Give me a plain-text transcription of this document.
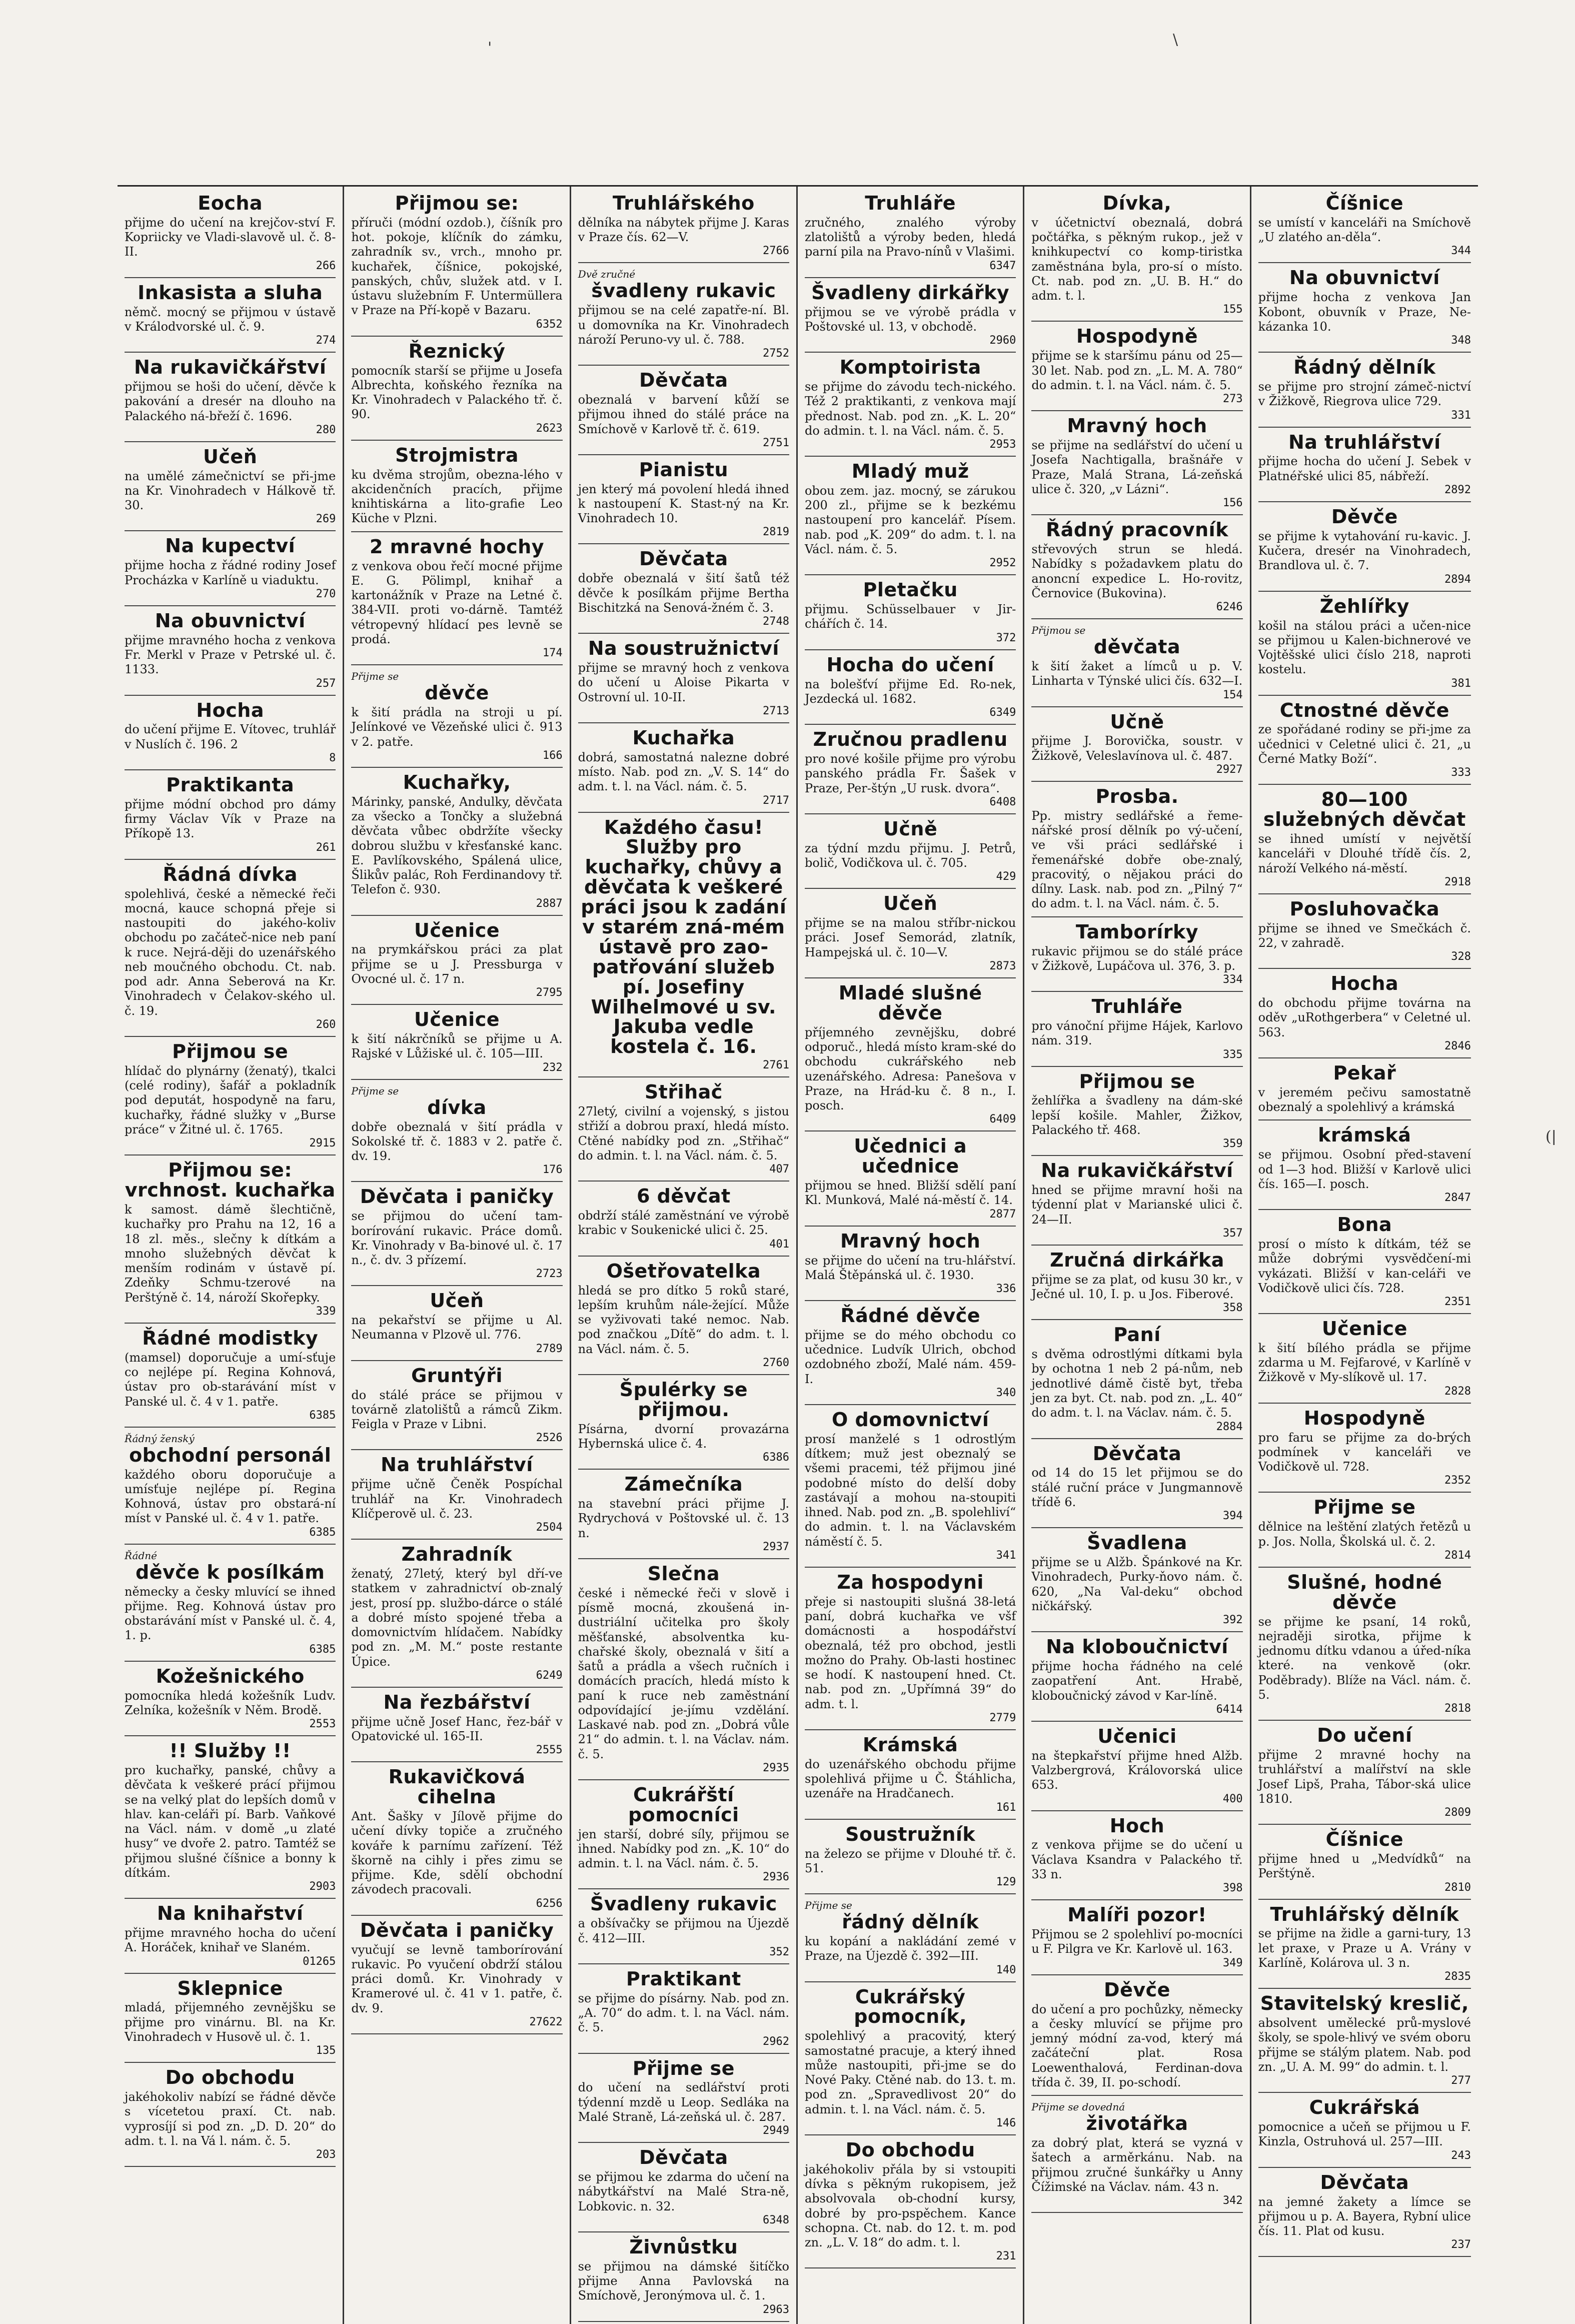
'	\
(|
Eocha

přijme do učení na krejčov-ství F. Kopriicky ve Vladi-slavově ul. č. 8-II.

266
Inkasista a sluha

němč. mocný se přijmou v ústavě v Králodvorské ul. č. 9.

274
Na rukavičkářství

přijmou se hoši do učení, děvče k pakování a dresér na dlouho na Palackého ná-břeží č. 1696.

280
Učeň

na umělé zámečnictví se při-jme na Kr. Vinohradech v Hálkově tř. 30.

269
Na kupectví

přijme hocha z řádné rodiny Josef Procházka v Karlíně u viaduktu.

270
Na obuvnictví

přijme mravného hocha z venkova Fr. Merkl v Praze v Petrské ul. č. 1133.

257
Hocha

do učení přijme E. Vítovec, truhlář v Nuslích č. 196. 2

8
Praktikanta

přijme módní obchod pro dámy firmy Václav Vík v Praze na Příkopě 13.

261
Řádná dívka

spolehlivá, české a německé řeči mocná, kauce schopná přeje si nastoupiti do jakého-koliv obchodu po začáteč-nice neb paní k ruce. Nejrá-ději do uzenářského neb moučného obchodu. Ct. nab. pod adr. Anna Seberová na Kr. Vinohradech v Čelakov-ského ul. č. 19.

260
Přijmou se

hlídač do plynárny (ženatý), tkalci (celé rodiny), šafář a pokladník pod deputát, hospodyně na faru, kuchařky, řádné služky v „Burse práce“ v Žitné ul. č. 1765.

2915
Přijmou se: vrchnost. kuchařka

k samost. dámě šlechtičně, kuchařky pro Prahu na 12, 16 a 18 zl. měs., slečny k dítkám a mnoho služebných děvčat k menším rodinám v ústavě pí. Zdeňky Schmu-tzerové na Perštýně č. 14, nároží Skořepky.

339
Řádné modistky

(mamsel) doporučuje a umí-sťuje co nejlépe pí. Regina Kohnová, ústav pro ob-starávání míst v Panské ul. č. 4 v 1. patře.

6385
Řádný ženský
obchodní personál

každého oboru doporučuje a umísťuje nejlépe pí. Regina Kohnová, ústav pro obstará-ní míst v Panské ul. č. 4 v 1. patře.

6385
Řádné
děvče k posílkám

německy a česky mluvící se ihned přijme. Reg. Kohnová ústav pro obstarávání míst v Panské ul. č. 4, 1. p.

6385
Kožešnického

pomocníka hledá kožešník Ludv. Zelníka, kožešník v Něm. Brodě.

2553
!! Služby !!

pro kuchařky, panské, chůvy a děvčata k veškeré prácí přijmou se na velký plat do lepších domů v hlav. kan-celáři pí. Barb. Vaňkové na Václ. nám. v domě „u zlaté husy“ ve dvoře 2. patro. Tamtéž se přijmou slušné číšnice a bonny k dítkám.

2903
Na knihařství

přijme mravného hocha do učení A. Horáček, knihař ve Slaném.

01265
Sklepnice

mladá, přijemného zevnějšku se přijme pro vinárnu. Bl. na Kr. Vinohradech v Husově ul. č. 1.

135
Do obchodu

jakéhokoliv nabízí se řádné děvče s vícetetou praxí. Ct. nab. vyprosíjí si pod zn. „D. D. 20“ do adm. t. l. na Vá l. nám. č. 5.

203
Přijmou se:

příruči (módní ozdob.), číšník pro hot. pokoje, klíčník do zámku, zahradník sv., vrch., mnoho pr. kuchařek, číšnice, pokojské, panských, chův, služek atd. v I. ústavu služebním F. Untermüllera v Praze na Pří-kopě v Bazaru.

6352
Řeznický

pomocník starší se přijme u Josefa Albrechta, koňského řezníka na Kr. Vinohradech v Palackého tř. č. 90.

2623
Strojmistra

ku dvěma strojům, obezna-lého v akcidenčních pracích, přijme knihtiskárna a lito-grafie Leo Küche v Plzni.

2 mravné hochy

z venkova obou řečí mocné přijme E. G. Pölimpl, knihař a kartonážník v Praze na Letné č. 384-VII. proti vo-dárně. Tamtéž vétropevný hlídací pes levně se prodá.

174
Přijme se
děvče

k šití prádla na stroji u pí. Jelínkové ve Vězeňské ulici č. 913 v 2. patře.

166
Kuchařky,

Márinky, panské, Andulky, děvčata za všecko a Tončky a služebná děvčata vůbec obdržíte všecky dobrou službu v křesťanské kanc. E. Pavlíkovského, Spálená ulice, Šlikův palác, Roh Ferdinandovy tř. Telefon č. 930.

2887
Učenice

na prymkářskou práci za plat přijme se u J. Pressburga v Ovocné ul. č. 17 n.

2795
Učenice

k šití nákrčníků se přijme u A. Rajské v Lůžiské ul. č. 105—III.

232
Přijme se
dívka

dobře obeznalá v šití prádla v Sokolské tř. č. 1883 v 2. patře č. dv. 19.

176
Děvčata i paničky

se přijmou do učení tam-borírování rukavic. Práce domů. Kr. Vinohrady v Ba-binové ul. č. 17 n., č. dv. 3 přízemí.

2723
Učeň

na pekařství se přijme u Al. Neumanna v Plzově ul. 776.

2789
Gruntýři

do stálé práce se přijmou v továrně zlatolištů a rámců Zikm. Feigla v Praze v Libni.

2526
Na truhlářství

přijme učně Čeněk Pospíchal truhlář na Kr. Vinohradech Klíčperově ul. č. 23.

2504
Zahradník

ženatý, 27letý, který byl dří-ve statkem v zahradnictví ob-znalý jest, prosí pp. službo-dárce o stálé a dobré místo spojené třeba a domovnictvím hlídačem. Nabídky pod zn. „M. M.“ poste restante Úpice.

6249
Na řezbářství

přijme učně Josef Hanc, řez-bář v Opatovické ul. 165-II.

2555
Rukavičková cihelna

Ant. Šašky v Jílově přijme do učení dívky topiče a zručného kováře k parnímu zařízení. Též škorně na cihly i přes zimu se přijme. Kde, sdělí obchodní závodech pracovali.

6256
Děvčata i paničky

vyučují se levně tamborírování rukavic. Po vyučení obdrží stálou práci domů. Kr. Vinohrady v Kramerové ul. č. 41 v 1. patře, č. dv. 9.

27622
Truhlářského

dělníka na nábytek přijme J. Karas v Praze čís. 62—V.

2766
Dvě zručné
švadleny rukavic

přijmou se na celé zapatře-ní. Bl. u domovníka na Kr. Vinohradech nároží Peruno-vy ul. č. 788.

2752
Děvčata

obeznalá v barvení kůží se přijmou ihned do stálé práce na Smíchově v Karlově tř. č. 619.

2751
Pianistu

jen který má povolení hledá ihned k nastoupení K. Stast-ný na Kr. Vinohradech 10.

2819
Děvčata

dobře obeznalá v šití šatů též děvče k posílkám přijme Bertha Bischitzká na Senová-žném č. 3.

2748
Na soustružnictví

přijme se mravný hoch z venkova do učení u Aloise Pikarta v Ostrovní ul. 10-II.

2713
Kuchařka

dobrá, samostatná nalezne dobré místo. Nab. pod zn. „V. S. 14“ do adm. t. l. na Václ. nám. č. 5.

2717
Každého času! Služby pro kuchařky, chůvy a děvčata k veškeré práci jsou k zadání v starém zná-mém ústavě pro zao-patřování služeb pí. Josefiny Wilhelmové u sv. Jakuba vedle kostela č. 16.
2761
Střihač

27letý, civilní a vojenský, s jistou střiží a dobrou praxí, hledá místo. Ctěné nabídky pod zn. „Střihač“ do admin. t. l. na Václ. nám. č. 5.

407
6 děvčat

obdrží stálé zaměstnání ve výrobě krabic v Soukenické ulici č. 25.

401
Ošetřovatelka

hledá se pro dítko 5 roků staré, lepším kruhům nále-žející. Může se vyživovati také nemoc. Nab. pod značkou „Dítě“ do adm. t. l. na Václ. nám. č. 5.

2760
Špulérky se přijmou.

Písárna, dvorní provazárna Hybernská ulice č. 4.

6386
Zámečníka

na stavební práci přijme J. Rydrychová v Poštovské ul. č. 13 n.

2937
Slečna

české i německé řeči v slově i písmě mocná, zkoušená in-dustriální učitelka pro školy měšťanské, absolventka ku-chařské školy, obeznalá v šití a šatů a prádla a všech ručních i domácích pracích, hledá místo k paní k ruce neb zaměstnání odpovídající je-jímu vzdělání. Laskavé nab. pod zn. „Dobrá vůle 21“ do admin. t. l. na Václav. nám. č. 5.

2935
Cukrářští pomocníci

jen starší, dobré síly, přijmou se ihned. Nabídky pod zn. „K. 10“ do admin. t. l. na Václ. nám. č. 5.

2936
Švadleny rukavic

a obšívačky se přijmou na Újezdě č. 412—III.

352
Praktikant

se přijme do písárny. Nab. pod zn. „A. 70“ do adm. t. l. na Václ. nám. č. 5.

2962
Přijme se

do učení na sedlářství proti týdenní mzdě u Leop. Sedláka na Malé Straně, Lá-zeňská ul. č. 287.

2949
Děvčata

se přijmou ke zdarma do učení na nábytkářství na Malé Stra-ně, Lobkovic. n. 32.

6348
Živnůstku

se přijmou na dámské šitíčko přijme Anna Pavlovská na Smíchově, Jeronýmova ul. č. 1.

2963
Truhláře

zručného, znalého výroby zlatolištů a výroby beden, hledá parní pila na Pravo-nínů v Vlašimi.

6347
Švadleny dirkářky

přijmou se ve výrobě prádla v Poštovské ul. 13, v obchodě.

2960
Komptoirista

se přijme do závodu tech-nického. Též 2 praktikanti, z venkova mají přednost. Nab. pod zn. „K. L. 20“ do admin. t. l. na Václ. nám. č. 5.

2953
Mladý muž

obou zem. jaz. mocný, se zárukou 200 zl., přijme se k bezkému nastoupení pro kancelář. Písem. nab. pod „K. 209“ do adm. t. l. na Václ. nám. č. 5.

2952
Pletačku

přijmu. Schüsselbauer v Jir-chářích č. 14.

372
Hocha do učení

na bolešťví přijme Ed. Ro-nek, Jezdecká ul. 1682.

6349
Zručnou pradlenu

pro nové košile přijme pro výrobu panského prádla Fr. Šašek v Praze, Per-štýn „U rusk. dvora“.

6408
Učně

za týdní mzdu přijmu. J. Petrů, bolič, Vodičkova ul. č. 705.

429
Učeň

přijme se na malou stříbr-nickou práci. Josef Semorád, zlatník, Hampejská ul. č. 10—V.

2873
Mladé slušné děvče

příjemného zevnějšku, dobré odporuč., hledá místo kram-ské do obchodu cukrářského neb uzenářského. Adresa: Panešova v Praze, na Hrád-ku č. 8 n., I. posch.

6409
Učednici a učednice

přijmou se hned. Bližší sdělí paní Kl. Munková, Malé ná-městí č. 14.

2877
Mravný hoch

se přijme do učení na tru-hlářství. Malá Štěpánská ul. č. 1930.

336
Řádné děvče

přijme se do mého obchodu co učednice. Ludvík Ulrich, obchod ozdobného zboží, Malé nám. 459-I.

340
O domovnictví

prosí manželé s 1 odrostlým dítkem; muž jest obeznalý se všemi pracemi, též přijmou jiné podobné místo do delší doby zastávají a mohou na-stoupiti ihned. Nab. pod zn. „B. spolehliví“ do admin. t. l. na Václavském náměstí č. 5.

341
Za hospodyni

přeje si nastoupiti slušná 38-letá paní, dobrá kuchařka ve všf domácnosti a hospodářství obeznalá, též pro obchod, jestli možno do Prahy. Ob-lasti hostinec se hodí. K nastoupení hned. Ct. nab. pod zn. „Upřímná 39“ do adm. t. l.

2779
Krámská

do uzenářského obchodu přijme spolehlivá přijme u Č. Štáhlicha, uzenáře na Hradčanech.

161
Soustružník

na železo se přijme v Dlouhé tř. č. 51.

129
Přijme se
řádný dělník

ku kopání a nakládání zemé v Praze, na Újezdě č. 392—III.

140
Cukrářský pomocník,

spolehlivý a pracovitý, který samostatné pracuje, a který ihned může nastoupiti, při-jme se do Nové Paky. Ctěné nab. do 13. t. m. pod zn. „Spravedlivost 20“ do admin. t. l. na Václ. nám. č. 5.

146
Do obchodu

jakéhokoliv přála by si vstoupiti dívka s pěkným rukopisem, jež absolvovala ob-chodní kursy, dobré by pro-pspěchem. Kance schopna. Ct. nab. do 12. t. m. pod zn. „L. V. 18“ do adm. t. l.

231
Dívka,

v účetnictví obeznalá, dobrá počtářka, s pěkným rukop., jež v knihkupectví co komp-tiristka zaměstnána byla, pro-sí o místo. Ct. nab. pod zn. „U. B. H.“ do adm. t. l.

155
Hospodyně

přijme se k staršímu pánu od 25—30 let. Nab. pod zn. „L. M. A. 780“ do admin. t. l. na Václ. nám. č. 5.

273
Mravný hoch

se přijme na sedlářství do učení u Josefa Nachtigalla, brašnáře v Praze, Malá Strana, Lá-zeňská ulice č. 320, „v Lázni“.

156
Řádný pracovník

střevových strun se hledá. Nabídky s požadavkem platu do anoncní expedice L. Ho-rovitz, Černovice (Bukovina).

6246
Přijmou se
děvčata

k šití žaket a límců u p. V. Linharta v Týnské ulici čís. 632—I.

154
Učně

přijme J. Borovička, soustr. v Žižkově, Veleslavínova ul. č. 487.

2927
Prosba.

Pp. mistry sedlářské a řeme-nářské prosí dělník po vý-učení, ve vši práci sedlářské i řemenářské dobře obe-znalý, pracovitý, o nějakou práci do dílny. Lask. nab. pod zn. „Pilný 7“ do adm. t. l. na Václ. nám. č. 5.

Tamborírky

rukavic přijmou se do stálé práce v Žižkově, Lupáčova ul. 376, 3. p.

334
Truhláře

pro vánoční přijme Hájek, Karlovo nám. 319.

335
Přijmou se

žehlířka a švadleny na dám-ské lepší košile. Mahler, Žižkov, Palackého tř. 468.

359
Na rukavičkářství

hned se přijme mravní hoši na týdenní plat v Marianské ulici č. 24—II.

357
Zručná dirkářka

přijme se za plat, od kusu 30 kr., v Ječné ul. 10, I. p. u Jos. Fiberové.

358
Paní

s dvěma odrostlými dítkami byla by ochotna 1 neb 2 pá-nům, neb jednotlivé dámě čistě byt, třeba jen za byt. Ct. nab. pod zn. „L. 40“ do adm. t. l. na Václav. nám. č. 5.

2884
Děvčata

od 14 do 15 let přijmou se do stálé ruční práce v Jungmannově třídě 6.

394
Švadlena

přijme se u Alžb. Špánkové na Kr. Vinohradech, Purky-ňovo nám. č. 620, „Na Val-deku“ obchod ničkářský.

392
Na kloboučnictví

přijme hocha řádného na celé zaopatření Ant. Hrabě, kloboučnický závod v Kar-líně.

6414
Učenici

na štepkařství přijme hned Alžb. Valzbergrová, Královorská ulice 653.

400
Hoch

z venkova přijme se do učení u Václava Ksandra v Palackého tř. 33 n.

398
Malíři pozor!

Přijmou se 2 spolehliví po-mocníci u F. Pilgra ve Kr. Karlově ul. 163.

349
Děvče

do učení a pro pochůzky, německy a česky mluvící se přijme pro jemný módní za-vod, který má začáteční plat. Rosa Loewenthalová, Ferdinan-dova třída č. 39, II. po-schodí.

Přijme se dovedná
životářka

za dobrý plat, která se vyzná v šatech a arměrkánu. Nab. na přijmou zručné šunkářky u Anny Čížimské na Václav. nám. 43 n.

342
Číšnice

se umístí v kanceláři na Smíchově „U zlatého an-děla“.

344
Na obuvnictví

přijme hocha z venkova Jan Kobont, obuvník v Praze, Ne-kázanka 10.

348
Řádný dělník

se přijme pro strojní zámeč-nictví v Žižkově, Riegrova ulice 729.

331
Na truhlářství

přijme hocha do učení J. Sebek v Platnéřské ulici 85, nábřeží.

2892
Děvče

se přijme k vytahování ru-kavic. J. Kučera, dresér na Vinohradech, Brandlova ul. č. 7.

2894
Žehlířky

košil na stálou práci a učen-nice se přijmou u Kalen-bichnerové ve Vojtěšské ulici číslo 218, naproti kostelu.

381
Ctnostné děvče

ze spořádané rodiny se při-jme za učednici v Celetné ulici č. 21, „u Černé Matky Boží“.

333
80—100 služebných děvčat

se ihned umístí v největší kanceláři v Dlouhé třídě čís. 2, nároží Velkého ná-městí.

2918
Posluhovačka

přijme se ihned ve Smečkách č. 22, v zahradě.

328
Hocha

do obchodu přijme továrna na oděv „uRothgerbera“ v Celetné ul. 563.

2846
Pekař

v jeremém pečivu samostatně obeznalý a spolehlivý a krámská

krámská

se přijmou. Osobní před-stavení od 1—3 hod. Bližší v Karlově ulici čís. 165—I. posch.

2847
Bona

prosí o místo k dítkám, též se může dobrými vysvědčení-mi vykázati. Bližší v kan-celáři ve Vodičkově ulici čís. 728.

2351
Učenice

k šití bílého prádla se přijme zdarma u M. Fejfarové, v Karlíně v Žižkově v My-slíkově ul. 17.

2828
Hospodyně

pro faru se přijme za do-brých podmínek v kanceláři ve Vodičkově ul. 728.

2352
Přijme se

dělnice na leštění zlatých řetězů u p. Jos. Nolla, Školská ul. č. 2.

2814
Slušné, hodné děvče

se přijme ke psaní, 14 roků, nejraději sirotka, přijme k jednomu dítku vdanou a úřed-níka které. na venkově (okr. Poděbrady). Blíže na Václ. nám. č. 5.

2818
Do učení

přijme 2 mravné hochy na truhlářství a malířství na skle Josef Lipš, Praha, Tábor-ská ulice 1810.

2809
Číšnice

přijme hned u „Medvídků“ na Perštýně.

2810
Truhlářský dělník

se přijme na židle a garni-tury, 13 let praxe, v Praze u A. Vrány v Karlíně, Kolárova ul. 3 n.

2835
Stavitelský kreslič,

absolvent umělecké prů-myslové školy, se spole-hlivý ve svém oboru přijme se stálým platem. Nab. pod zn. „U. A. M. 99“ do admin. t. l.

277
Cukrářská

pomocnice a učeň se přijmou u F. Kinzla, Ostruhová ul. 257—III.

243
Děvčata

na jemné žakety a límce se přijmou u p. A. Bayera, Rybní ulice čís. 11. Plat od kusu.

237
